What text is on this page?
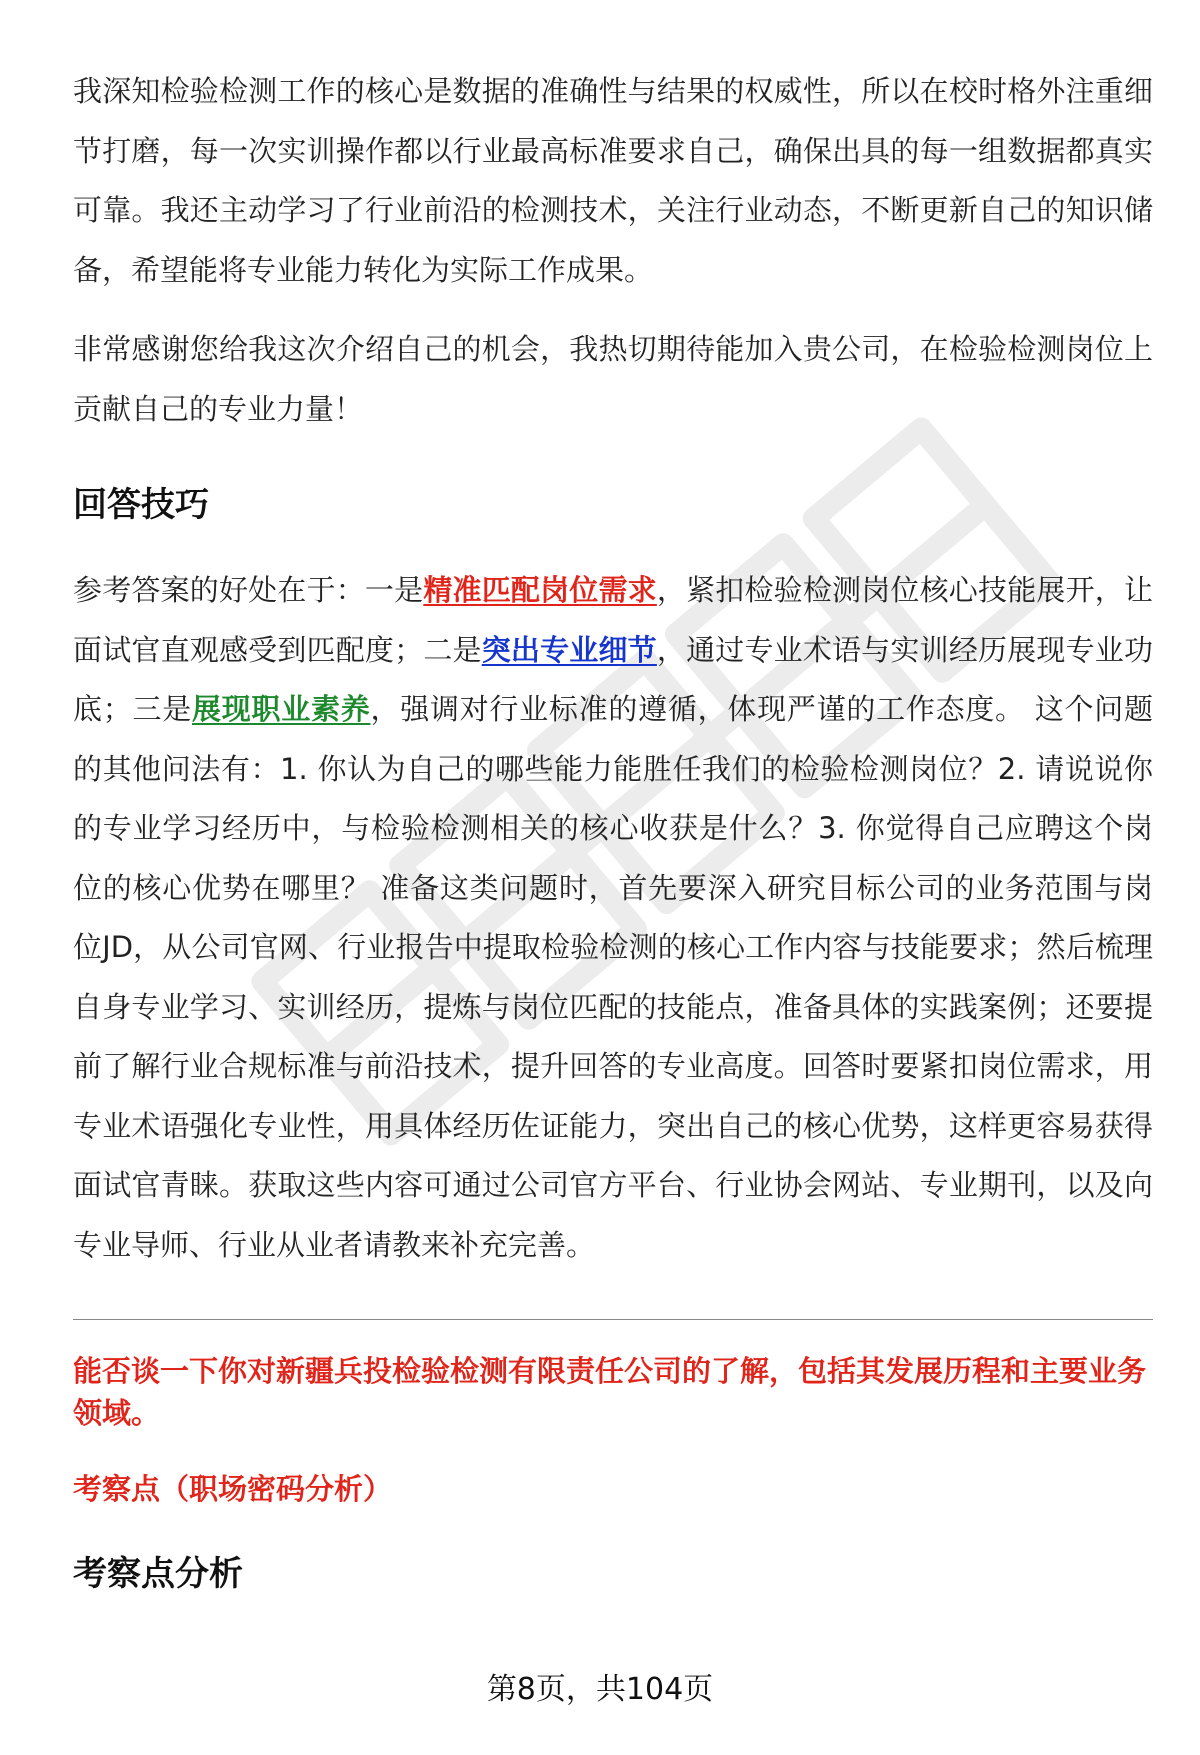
我深知检验检测工作的核心是数据的准确性与结果的权威性，所以在校时格外注重细节打磨，每一次实训操作都以行业最高标准要求自己，确保出具的每一组数据都真实可靠。我还主动学习了行业前沿的检测技术，关注行业动态，不断更新自己的知识储备，希望能将专业能力转化为实际工作成果。

非常感谢您给我这次介绍自己的机会，我热切期待能加入贵公司，在检验检测岗位上贡献自己的专业力量！

回答技巧

参考答案的好处在于：一是精准匹配岗位需求，紧扣检验检测岗位核心技能展开，让面试官直观感受到匹配度；二是突出专业细节，通过专业术语与实训经历展现专业功底；三是展现职业素养，强调对行业标准的遵循，体现严谨的工作态度。 这个问题的其他问法有：1. 你认为自己的哪些能力能胜任我们的检验检测岗位？2. 请说说你的专业学习经历中，与检验检测相关的核心收获是什么？3. 你觉得自己应聘这个岗位的核心优势在哪里？ 准备这类问题时，首先要深入研究目标公司的业务范围与岗位JD，从公司官网、行业报告中提取检验检测的核心工作内容与技能要求；然后梳理自身专业学习、实训经历，提炼与岗位匹配的技能点，准备具体的实践案例；还要提前了解行业合规标准与前沿技术，提升回答的专业高度。回答时要紧扣岗位需求，用专业术语强化专业性，用具体经历佐证能力，突出自己的核心优势，这样更容易获得面试官青睐。获取这些内容可通过公司官方平台、行业协会网站、专业期刊，以及向专业导师、行业从业者请教来补充完善。

能否谈一下你对新疆兵投检验检测有限责任公司的了解，包括其发展历程和主要业务领域。

考察点（职场密码分析）

考察点分析
第8页，共104页
